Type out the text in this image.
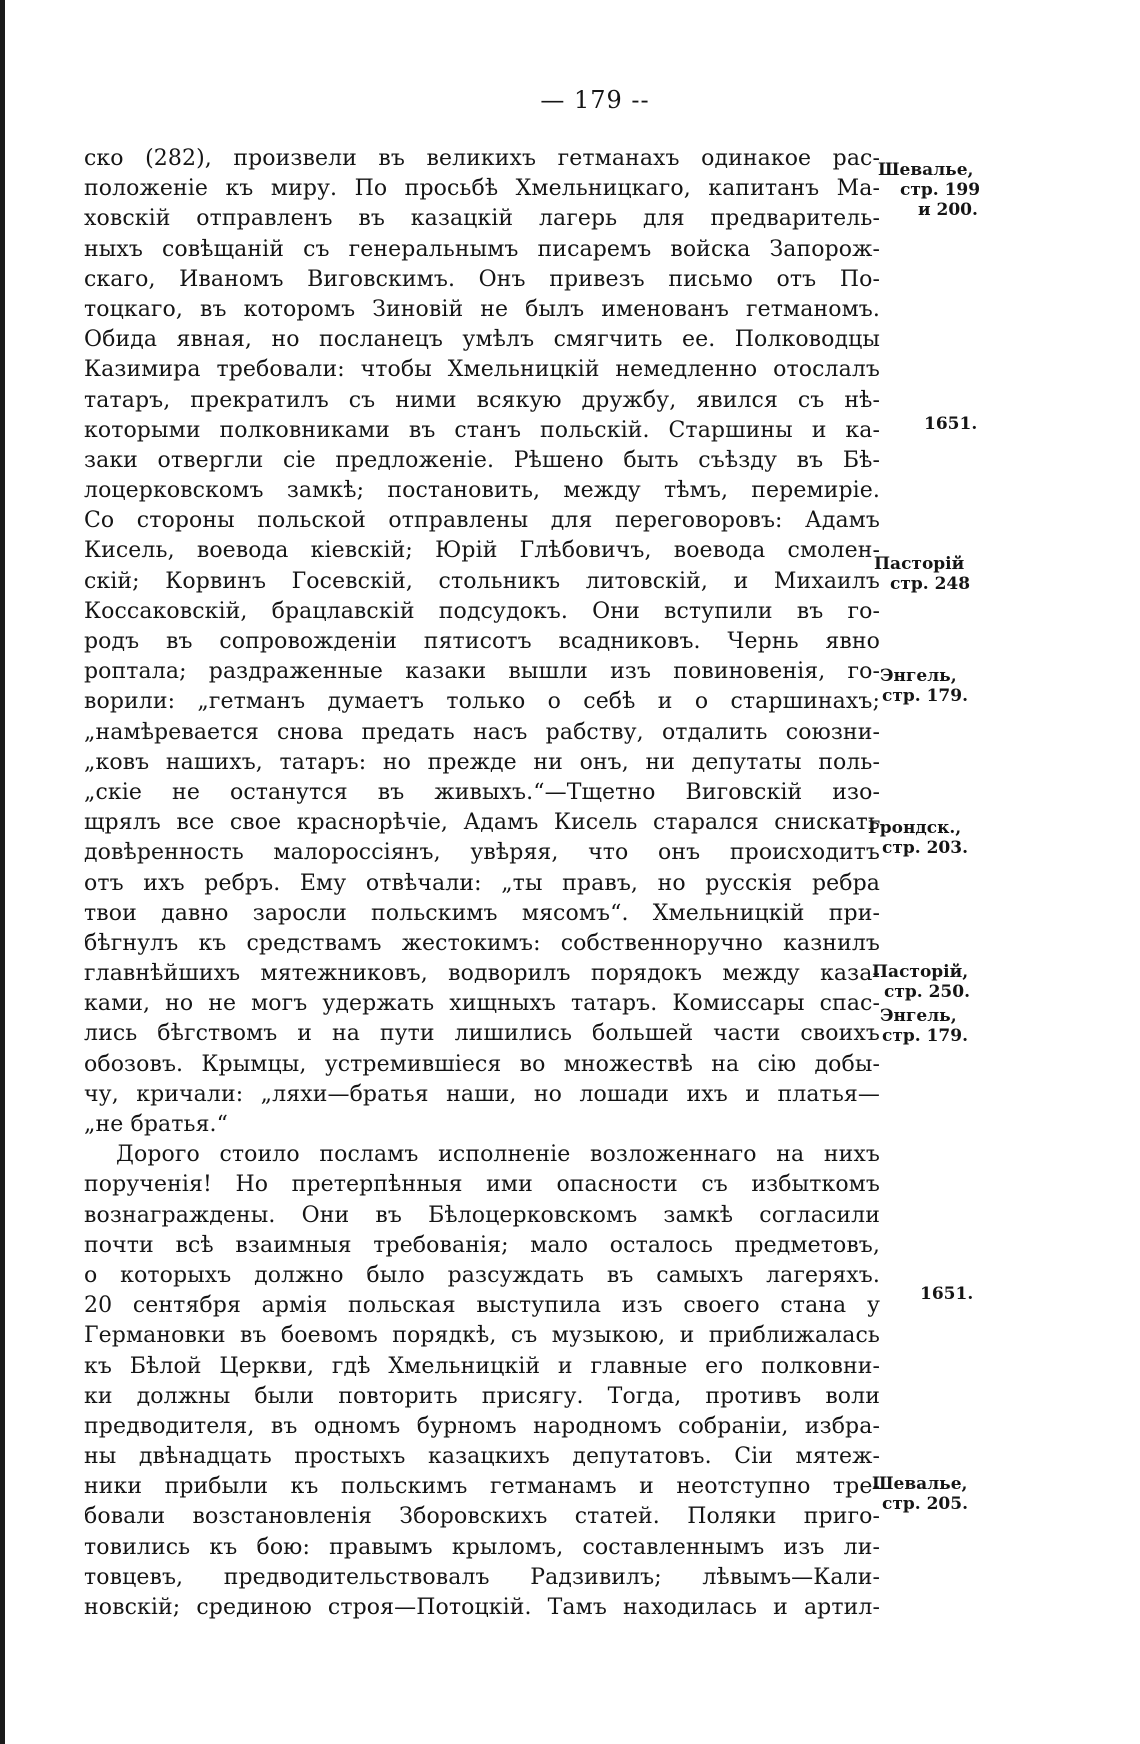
— 179 --

ско (282), произвели въ великихъ гетманахъ одинакое рас-
положеніе къ миру. По просьбѣ Хмельницкаго, капитанъ Ма-
ховскій отправленъ въ казацкій лагерь для предваритель-
ныхъ совѣщаній съ генеральнымъ писаремъ войска Запорож-
скаго, Иваномъ Виговскимъ. Онъ привезъ письмо отъ По-
тоцкаго, въ которомъ Зиновій не былъ именованъ гетманомъ.
Обида явная, но посланецъ умѣлъ смягчить ее. Полководцы
Казимира требовали: чтобы Хмельницкій немедленно отослалъ
татаръ, прекратилъ съ ними всякую дружбу, явился съ нѣ-
которыми полковниками въ станъ польскій. Старшины и ка-
заки отвергли сіе предложеніе. Рѣшено быть съѣзду въ Бѣ-
лоцерковскомъ замкѣ; постановить, между тѣмъ, перемиріе.
Со стороны польской отправлены для переговоровъ: Адамъ
Кисель, воевода кіевскій; Юрій Глѣбовичъ, воевода смолен-
скій; Корвинъ Госевскій, стольникъ литовскій, и Михаилъ
Коссаковскій, брацлавскій подсудокъ. Они вступили въ го-
родъ въ сопровожденіи пятисотъ всадниковъ. Чернь явно
роптала; раздраженные казаки вышли изъ повиновенія, го-
ворили: „гетманъ думаетъ только о себѣ и о старшинахъ;
„намѣревается снова предать насъ рабству, отдалить союзни-
„ковъ нашихъ, татаръ: но прежде ни онъ, ни депутаты поль-
„скіе не останутся въ живыхъ.“—Тщетно Виговскій изо-
щрялъ все свое краснорѣчіе, Адамъ Кисель старался снискать
довѣренность малороссіянъ, увѣряя, что онъ происходитъ
отъ ихъ ребръ. Ему отвѣчали: „ты правъ, но русскія ребра
твои давно заросли польскимъ мясомъ“. Хмельницкій при-
бѣгнулъ къ средствамъ жестокимъ: собственноручно казнилъ
главнѣйшихъ мятежниковъ, водворилъ порядокъ между каза-
ками, но не могъ удержать хищныхъ татаръ. Комиссары спас-
лись бѣгствомъ и на пути лишились большей части своихъ
обозовъ. Крымцы, устремившіеся во множествѣ на сію добы-
чу, кричали: „ляхи—братья наши, но лошади ихъ и платья—
„не братья.“
Дорого стоило посламъ исполненіе возложеннаго на нихъ
порученія! Но претерпѣнныя ими опасности съ избыткомъ
вознаграждены. Они въ Бѣлоцерковскомъ замкѣ согласили
почти всѣ взаимныя требованія; мало осталось предметовъ,
о которыхъ должно было разсуждать въ самыхъ лагеряхъ.
20 сентября армія польская выступила изъ своего стана у
Германовки въ боевомъ порядкѣ, съ музыкою, и приближалась
къ Бѣлой Церкви, гдѣ Хмельницкій и главные его полковни-
ки должны были повторить присягу. Тогда, противъ воли
предводителя, въ одномъ бурномъ народномъ собраніи, избра-
ны двѣнадцать простыхъ казацкихъ депутатовъ. Сіи мятеж-
ники прибыли къ польскимъ гетманамъ и неотступно тре-
бовали возстановленія Зборовскихъ статей. Поляки приго-
товились къ бою: правымъ крыломъ, составленнымъ изъ ли-
товцевъ, предводительствовалъ Радзивилъ; лѣвымъ—Кали-
новскій; срединою строя—Потоцкій. Тамъ находилась и артил-
Шевалье,
стр. 199
и 200.
1651.
Пасторій
стр. 248
Энгель,
стр. 179.
Грондск.,
стр. 203.
Пасторій,
стр. 250.
Энгель,
стр. 179.
1651.
Шевалье,
стр. 205.
